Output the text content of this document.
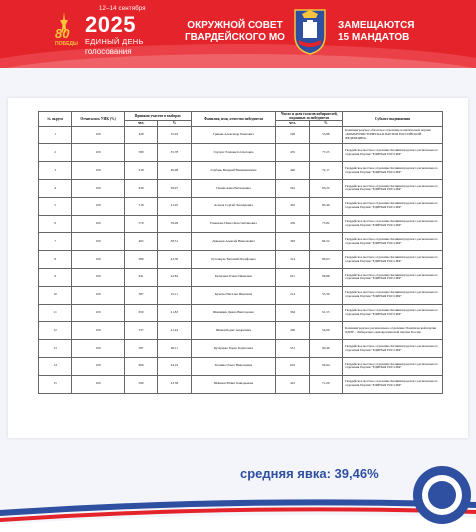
80
ПОБЕДЫ
12–14 сентября
2025
ЕДИНЫЙ ДЕНЬ
голосования
ОКРУЖНОЙ СОВЕТ
ГВАРДЕЙСКОГО МО
ЗАМЕЩАЮТСЯ
15 МАНДАТОВ
№ округа	Отчиталось УИК (%)	Приняли участие в выборах		Фамилия, имя, отчество победителя	Число и доля голосов избирателей, поданных за победителя		Субъект выдвижения
		чел.	%		чел.	%	
1	100	428	35,03	Грикин Александр Павлович	228	53,88	Калининградское областное отделение политической партии «КОММУНИСТИЧЕСКАЯ ПАРТИЯ РОССИЙСКОЙ ФЕДЕРАЦИИ»
2	100	589	35,78	Гартунг Елизавета Олеговна	455	77,25	Гвардейское местное отделение Калининградского регионального отделения Партии "ЕДИНАЯ РОССИЯ"
3	100	618	40,98	Горбань Валерий Вениаминович	446	72,17	Гвардейское местное отделение Калининградского регионального отделения Партии "ЕДИНАЯ РОССИЯ"
4	100	636	39,97	Гешин Анна Витальевна	542	85,22	Гвардейское местное отделение Калининградского регионального отделения Партии "ЕДИНАЯ РОССИЯ"
5	100	518	41,05	Асанов Сергей Леонидович	432	83,40	Гвардейское местное отделение Калининградского регионального отделения Партии "ЕДИНАЯ РОССИЯ"
6	100	579	39,99	Раманова Павел Константинович	439	75,82	Гвардейское местное отделение Калининградского регионального отделения Партии "ЕДИНАЯ РОССИЯ"
7	100	465	38,51	Давыдов Алексей Николаевич	393	84,52	Гвардейское местное отделение Калининградского регионального отделения Партии "ЕДИНАЯ РОССИЯ"
8	100	389	43,30	Рутенкуль Виталий Иосифович	314	80,03	Гвардейское местное отделение Калининградского регионального отделения Партии "ЕДИНАЯ РОССИЯ"
9	100	641	42,82	Булычева Елена Ивановна	621	96,88	Гвардейское местное отделение Калининградского регионального отделения Партии "ЕДИНАЯ РОССИЯ"
10	100	387	25,11	Кузетка Наталья Ивановна	214	55,30	Гвардейское местное отделение Калининградского регионального отделения Партии "ЕДИНАЯ РОССИЯ"
11	100	659	41,83	Шиницин Диана Викторовна	364	91,55	Гвардейское местное отделение Калининградского регионального отделения Партии "ЕДИНАЯ РОССИЯ"
12	100	537	41,44	Шевки Борис Андреевич	290	54,00	Калининградское региональное отделение Политической партии ЛДПР – Либерально-демократической партии России
13	100	587	48,11	Кузарекко Борис Борисович	531	90,46	Гвардейское местное отделение Калининградского регионального отделения Партии "ЕДИНАЯ РОССИЯ"
14	100	666	44,19	Тюнина Ольга Николаевна	619	92,94	Гвардейское местное отделение Калининградского регионального отделения Партии "ЕДИНАЯ РОССИЯ"
15	100	590	43,58	Шашков Юлия Геннадьевна	425	71,09	Гвардейское местное отделение Калининградского регионального отделения Партии "ЕДИНАЯ РОССИЯ"
средняя явка: 39,46%
